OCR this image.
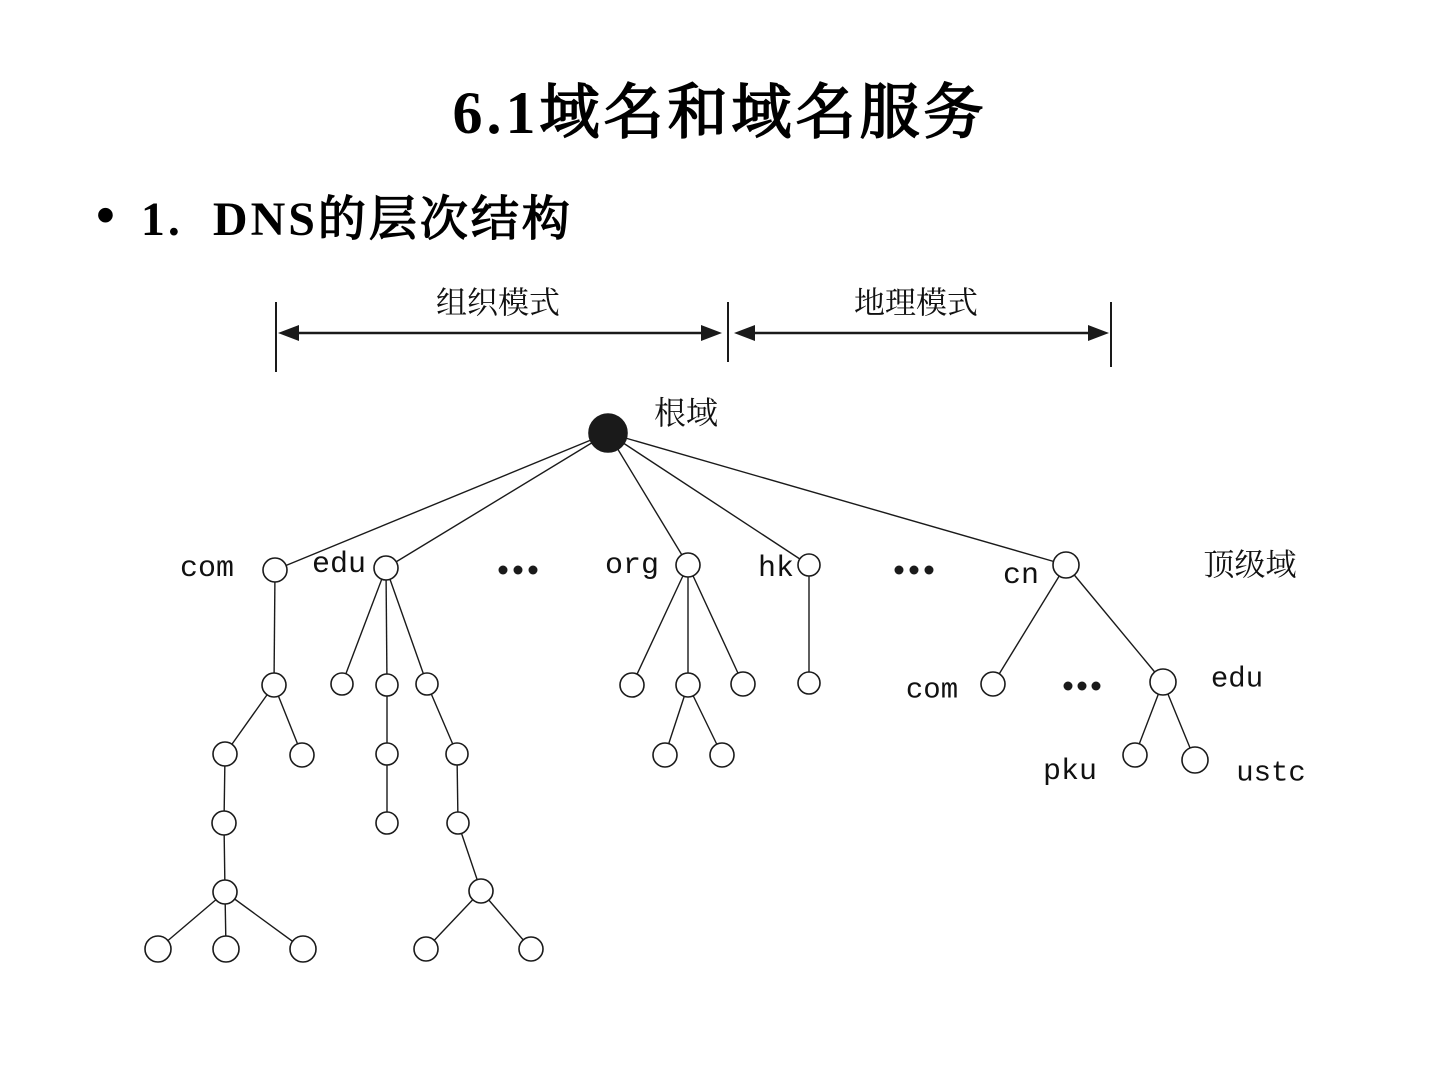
6.1域名和域名服务
• 1.  DNS的层次结构
组织模式	地理模式
根域
com	edu	org	hk	cn	顶级域
com	edu
pku	ustc
